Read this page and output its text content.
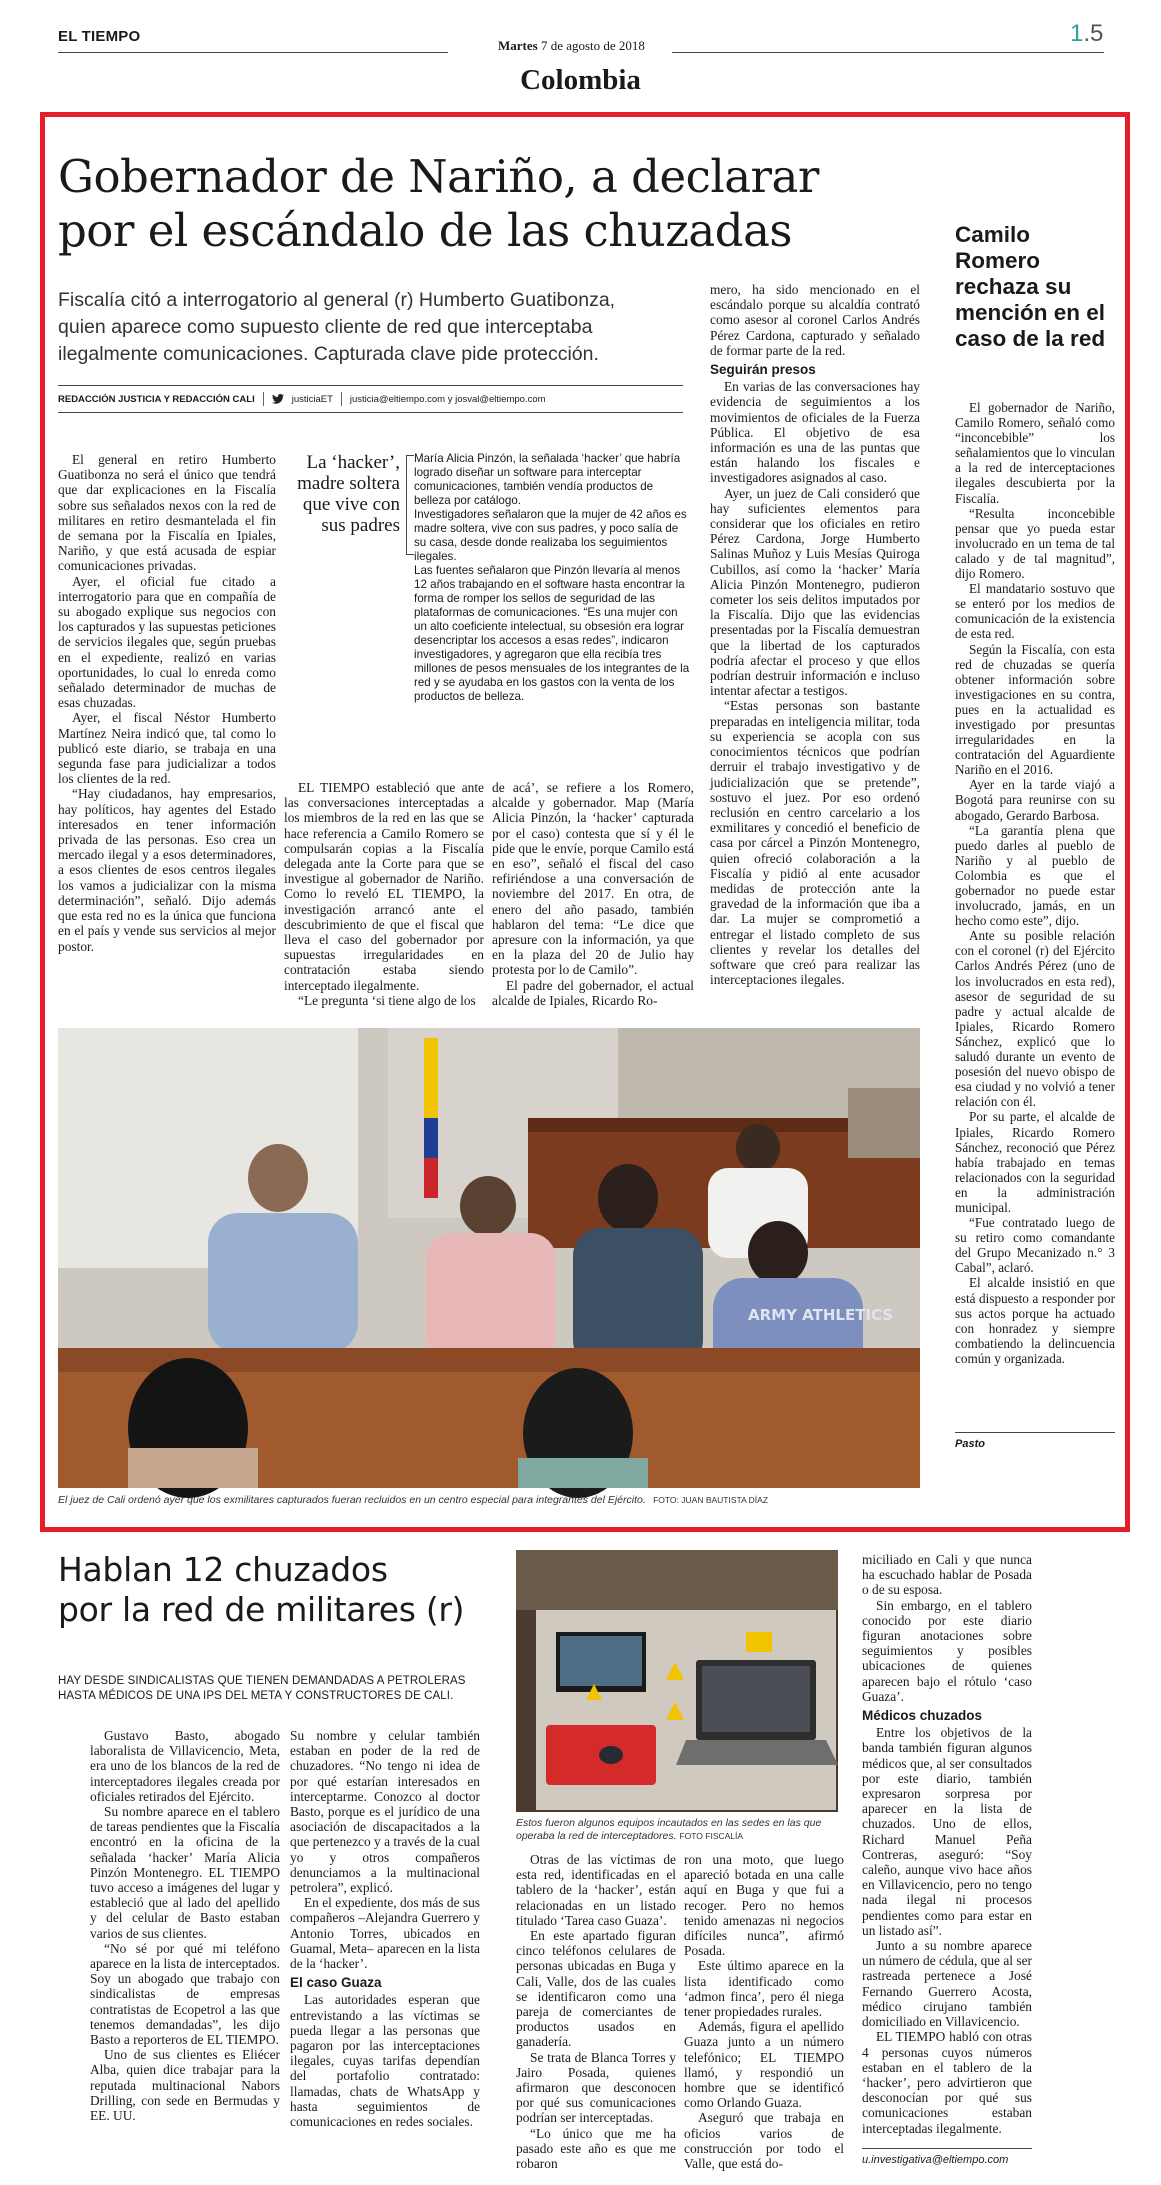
EL TIEMPO
Martes 7 de agosto de 2018	1.5
Colombia
Gobernador de Nariño, a declarar
por el escándalo de las chuzadas
Fiscalía citó a interrogatorio al general (r) Humberto Guatibonza,
quien aparece como supuesto cliente de red que interceptaba
ilegalmente comunicaciones. Capturada clave pide protección.
REDACCIÓN JUSTICIA Y REDACCIÓN CALI	justiciaET justicia@eltiempo.com y josval@eltiempo.com

El general en retiro Humberto Guatibonza no será el único que tendrá que dar explicaciones en la Fiscalía sobre sus señalados nexos con la red de militares en retiro desmantelada el fin de semana por la Fiscalía en Ipiales, Nariño, y que está acusada de espiar comunicaciones privadas.

Ayer, el oficial fue citado a interrogatorio para que en compañía de su abogado explique sus negocios con los capturados y las supuestas peticiones de servicios ilegales que, según pruebas en el expediente, realizó en varias oportunidades, lo cual lo enreda como señalado determinador de muchas de esas chuzadas.

Ayer, el fiscal Néstor Humberto Martínez Neira indicó que, tal como lo publicó este diario, se trabaja en una segunda fase para judicializar a todos los clientes de la red.

“Hay ciudadanos, hay empresarios, hay políticos, hay agentes del Estado interesados en tener información privada de las personas. Eso crea un mercado ilegal y a esos determinadores, a esos clientes de esos centros ilegales los vamos a judicializar con la misma determinación”, señaló. Dijo además que esta red no es la única que funciona en el país y vende sus servicios al mejor postor.

La ‘hacker’, madre soltera que vive con sus padres

María Alicia Pinzón, la señalada ‘hacker’ que habría logrado diseñar un software para interceptar comunicaciones, también vendía productos de belleza por catálogo.

Investigadores señalaron que la mujer de 42 años es madre soltera, vive con sus padres, y poco salía de su casa, desde donde realizaba los seguimientos ilegales.

Las fuentes señalaron que Pinzón llevaría al menos 12 años trabajando en el software hasta encontrar la forma de romper los sellos de seguridad de las plataformas de comunicaciones. “Es una mujer con un alto coeficiente intelectual, su obsesión era lograr desencriptar los accesos a esas redes”, indicaron investigadores, y agregaron que ella recibía tres millones de pesos mensuales de los integrantes de la red y se ayudaba en los gastos con la venta de los productos de belleza.

EL TIEMPO estableció que ante las conversaciones interceptadas a los miembros de la red en las que se hace referencia a Camilo Romero se compulsarán copias a la Fiscalía delegada ante la Corte para que se investigue al gobernador de Nariño. Como lo reveló EL TIEMPO, la investigación arrancó ante el descubrimiento de que el fiscal que lleva el caso del gobernador por supuestas irregularidades en contratación estaba siendo interceptado ilegalmente.

“Le pregunta ‘si tiene algo de los

de acá’, se refiere a los Romero, alcalde y gobernador. Map (María Alicia Pinzón, la ‘hacker’ capturada por el caso) contesta que sí y él le pide que le envíe, porque Camilo está en eso”, señaló el fiscal del caso refiriéndose a una conversación de noviembre del 2017. En otra, de enero del año pasado, también hablaron del tema: “Le dice que apresure con la información, ya que en la plaza del 20 de Julio hay protesta por lo de Camilo”.

El padre del gobernador, el actual alcalde de Ipiales, Ricardo Ro-

mero, ha sido mencionado en el escándalo porque su alcaldía contrató como asesor al coronel Carlos Andrés Pérez Cardona, capturado y señalado de formar parte de la red.

Seguirán presos

En varias de las conversaciones hay evidencia de seguimientos a los movimientos de oficiales de la Fuerza Pública. El objetivo de esa información es una de las puntas que están halando los fiscales e investigadores asignados al caso.

Ayer, un juez de Cali consideró que hay suficientes elementos para considerar que los oficiales en retiro Pérez Cardona, Jorge Humberto Salinas Muñoz y Luis Mesías Quiroga Cubillos, así como la ‘hacker’ María Alicia Pinzón Montenegro, pudieron cometer los seis delitos imputados por la Fiscalía. Dijo que las evidencias presentadas por la Fiscalía demuestran que la libertad de los capturados podría afectar el proceso y que ellos podrían destruir información e incluso intentar afectar a testigos.

“Estas personas son bastante preparadas en inteligencia militar, toda su experiencia se acopla con sus conocimientos técnicos que podrían derruir el trabajo investigativo y de judicialización que se pretende”, sostuvo el juez. Por eso ordenó reclusión en centro carcelario a los exmilitares y concedió el beneficio de casa por cárcel a Pinzón Montenegro, quien ofreció colaboración a la Fiscalía y pidió al ente acusador medidas de protección ante la gravedad de la información que iba a dar. La mujer se comprometió a entregar el listado completo de sus clientes y revelar los detalles del software que creó para realizar las interceptaciones ilegales.

ARMY ATHLETICS
El juez de Cali ordenó ayer que los exmilitares capturados fueran recluidos en un centro especial para integrantes del Ejército. FOTO: JUAN BAUTISTA DÍAZ
Camilo Romero rechaza su mención en el caso de la red

El gobernador de Nariño, Camilo Romero, señaló como “inconcebible” los señalamientos que lo vinculan a la red de interceptaciones ilegales descubierta por la Fiscalía.

“Resulta inconcebible pensar que yo pueda estar involucrado en un tema de tal calado y de tal magnitud”, dijo Romero.

El mandatario sostuvo que se enteró por los medios de comunicación de la existencia de esta red.

Según la Fiscalía, con esta red de chuzadas se quería obtener información sobre investigaciones en su contra, pues en la actualidad es investigado por presuntas irregularidades en la contratación del Aguardiente Nariño en el 2016.

Ayer en la tarde viajó a Bogotá para reunirse con su abogado, Gerardo Barbosa.

“La garantía plena que puedo darles al pueblo de Nariño y al pueblo de Colombia es que el gobernador no puede estar involucrado, jamás, en un hecho como este”, dijo.

Ante su posible relación con el coronel (r) del Ejército Carlos Andrés Pérez (uno de los involucrados en esta red), asesor de seguridad de su padre y actual alcalde de Ipiales, Ricardo Romero Sánchez, explicó que lo saludó durante un evento de posesión del nuevo obispo de esa ciudad y no volvió a tener relación con él.

Por su parte, el alcalde de Ipiales, Ricardo Romero Sánchez, reconoció que Pérez había trabajado en temas relacionados con la seguridad en la administración municipal.

“Fue contratado luego de su retiro como comandante del Grupo Mecanizado n.° 3 Cabal”, aclaró.

El alcalde insistió en que está dispuesto a responder por sus actos porque ha actuado con honradez y siempre combatiendo la delincuencia común y organizada.

Pasto
Hablan 12 chuzados
por la red de militares (r)
HAY DESDE SINDICALISTAS QUE TIENEN DEMANDADAS A PETROLERAS
HASTA MÉDICOS DE UNA IPS DEL META Y CONSTRUCTORES DE CALI.

Gustavo Basto, abogado laboralista de Villavicencio, Meta, era uno de los blancos de la red de interceptadores ilegales creada por oficiales retirados del Ejército.

Su nombre aparece en el tablero de tareas pendientes que la Fiscalía encontró en la oficina de la señalada ‘hacker’ María Alicia Pinzón Montenegro. EL TIEMPO tuvo acceso a imágenes del lugar y estableció que al lado del apellido y del celular de Basto estaban varios de sus clientes.

“No sé por qué mi teléfono aparece en la lista de interceptados. Soy un abogado que trabajo con sindicalistas de empresas contratistas de Ecopetrol a las que tenemos demandadas”, les dijo Basto a reporteros de EL TIEMPO.

Uno de sus clientes es Eliécer Alba, quien dice trabajar para la reputada multinacional Nabors Drilling, con sede en Bermudas y EE. UU.

Su nombre y celular también estaban en poder de la red de chuzadores. “No tengo ni idea de por qué estarían interesados en interceptarme. Conozco al doctor Basto, porque es el jurídico de una asociación de discapacitados a la que pertenezco y a través de la cual yo y otros compañeros denunciamos a la multinacional petrolera”, explicó.

En el expediente, dos más de sus compañeros –Alejandra Guerrero y Antonio Torres, ubicados en Guamal, Meta– aparecen en la lista de la ‘hacker’.

El caso Guaza

Las autoridades esperan que entrevistando a las víctimas se pueda llegar a las personas que pagaron por las interceptaciones ilegales, cuyas tarifas dependían del portafolio contratado: llamadas, chats de WhatsApp y hasta seguimientos de comunicaciones en redes sociales.

Estos fueron algunos equipos incautados en las sedes en las que operaba la red de interceptadores. FOTO FISCALÍA

Otras de las víctimas de esta red, identificadas en el tablero de la ‘hacker’, están relacionadas en un listado titulado ‘Tarea caso Guaza’.

En este apartado figuran cinco teléfonos celulares de personas ubicadas en Buga y Cali, Valle, dos de las cuales se identificaron como una pareja de comerciantes de productos usados en ganadería.

Se trata de Blanca Torres y Jairo Posada, quienes afirmaron que desconocen por qué sus comunicaciones podrían ser interceptadas.

“Lo único que me ha pasado este año es que me robaron

ron una moto, que luego apareció botada en una calle aquí en Buga y que fui a recoger. Pero no hemos tenido amenazas ni negocios difíciles nunca”, afirmó Posada.

Este último aparece en la lista identificado como ‘admon finca’, pero él niega tener propiedades rurales.

Además, figura el apellido Guaza junto a un número telefónico; EL TIEMPO llamó, y respondió un hombre que se identificó como Orlando Guaza.

Aseguró que trabaja en oficios varios de construcción por todo el Valle, que está do-

miciliado en Cali y que nunca ha escuchado hablar de Posada o de su esposa.

Sin embargo, en el tablero conocido por este diario figuran anotaciones sobre seguimientos y posibles ubicaciones de quienes aparecen bajo el rótulo ‘caso Guaza’.

Médicos chuzados

Entre los objetivos de la banda también figuran algunos médicos que, al ser consultados por este diario, también expresaron sorpresa por aparecer en la lista de chuzados. Uno de ellos, Richard Manuel Peña Contreras, aseguró: “Soy caleño, aunque vivo hace años en Villavicencio, pero no tengo nada ilegal ni procesos pendientes como para estar en un listado así”.

Junto a su nombre aparece un número de cédula, que al ser rastreada pertenece a José Fernando Guerrero Acosta, médico cirujano también domiciliado en Villavicencio.

EL TIEMPO habló con otras 4 personas cuyos números estaban en el tablero de la ‘hacker’, pero advirtieron que desconocían por qué sus comunicaciones estaban interceptadas ilegalmente.

u.investigativa@eltiempo.com
